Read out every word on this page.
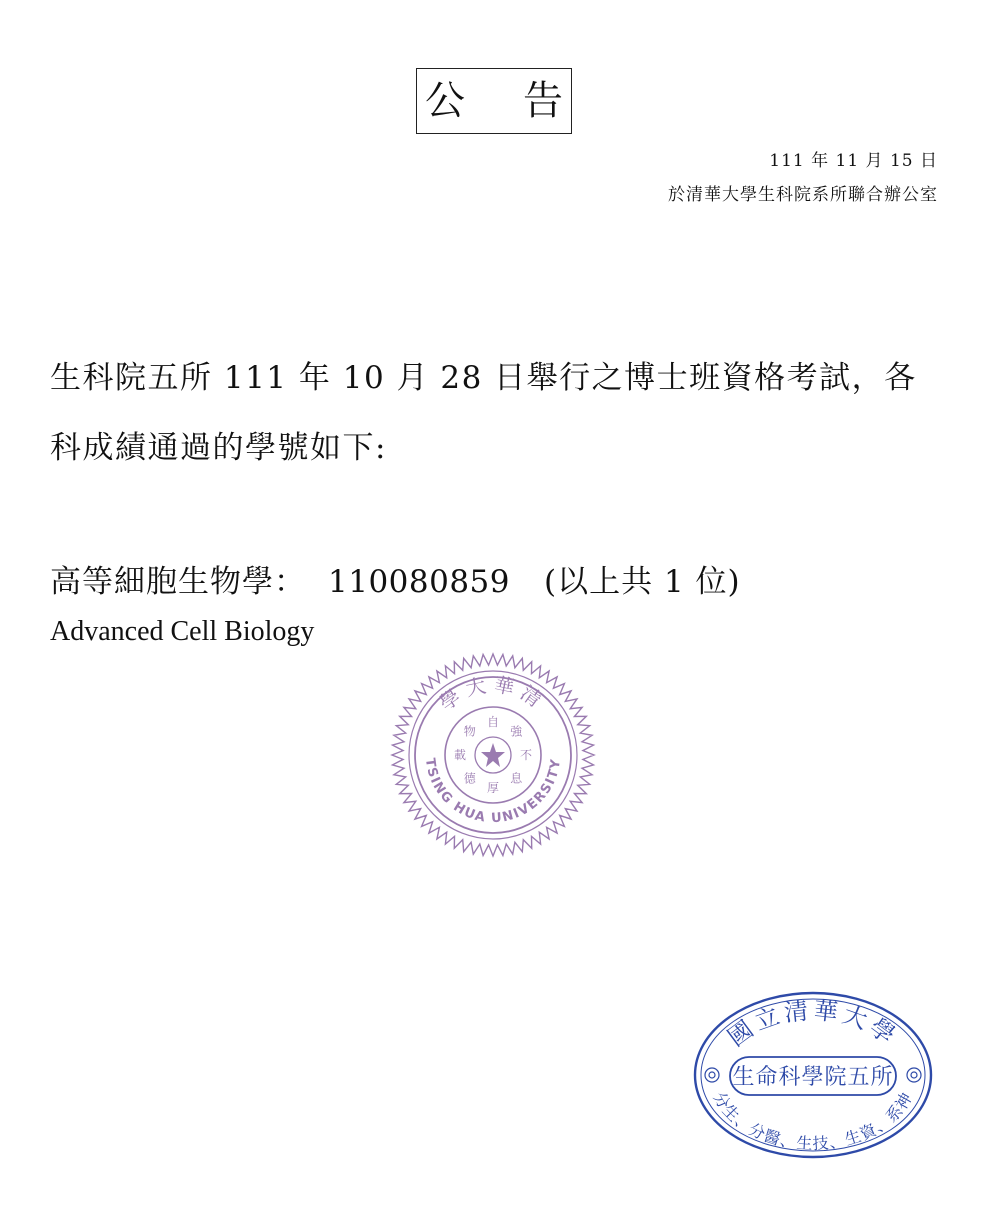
公 告
111 年 11 月 15 日
於清華大學生科院系所聯合辦公室
生科院五所 111 年 10 月 28 日舉行之博士班資格考試，各
科成績通過的學號如下:
高等細胞生物學： 110080859 (以上共 1 位)
Advanced Cell Biology
學大華清
TSING HUA UNIVERSITY
自
強
不
息
厚
德
載
物
國立清華大學
生命科學院五所
分生、分醫、生技、生資、系神
